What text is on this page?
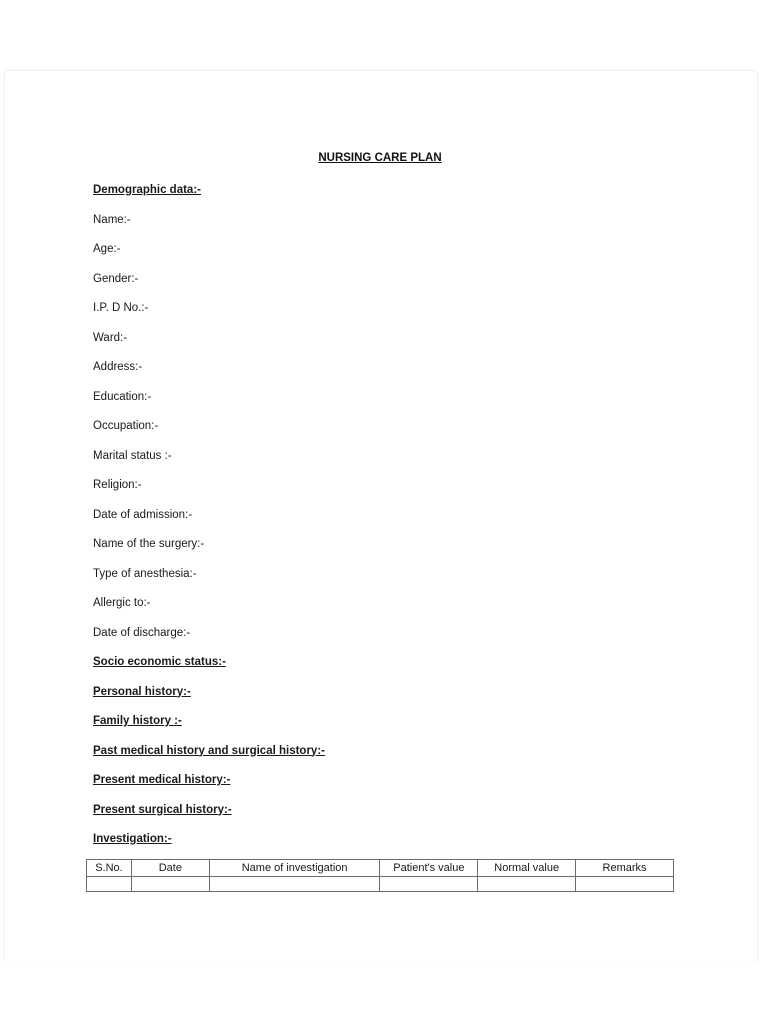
NURSING CARE PLAN
Demographic data:-
Name:-
Age:-
Gender:-
I.P. D No.:-
Ward:-
Address:-
Education:-
Occupation:-
Marital status :-
Religion:-
Date of admission:-
Name of the surgery:-
Type of anesthesia:-
Allergic to:-
Date of discharge:-
Socio economic status:-
Personal history:-
Family history :-
Past medical history and surgical history:-
Present medical history:-
Present surgical history:-
Investigation:-
S.No.	Date	Name of investigation	Patient's value	Normal value	Remarks
